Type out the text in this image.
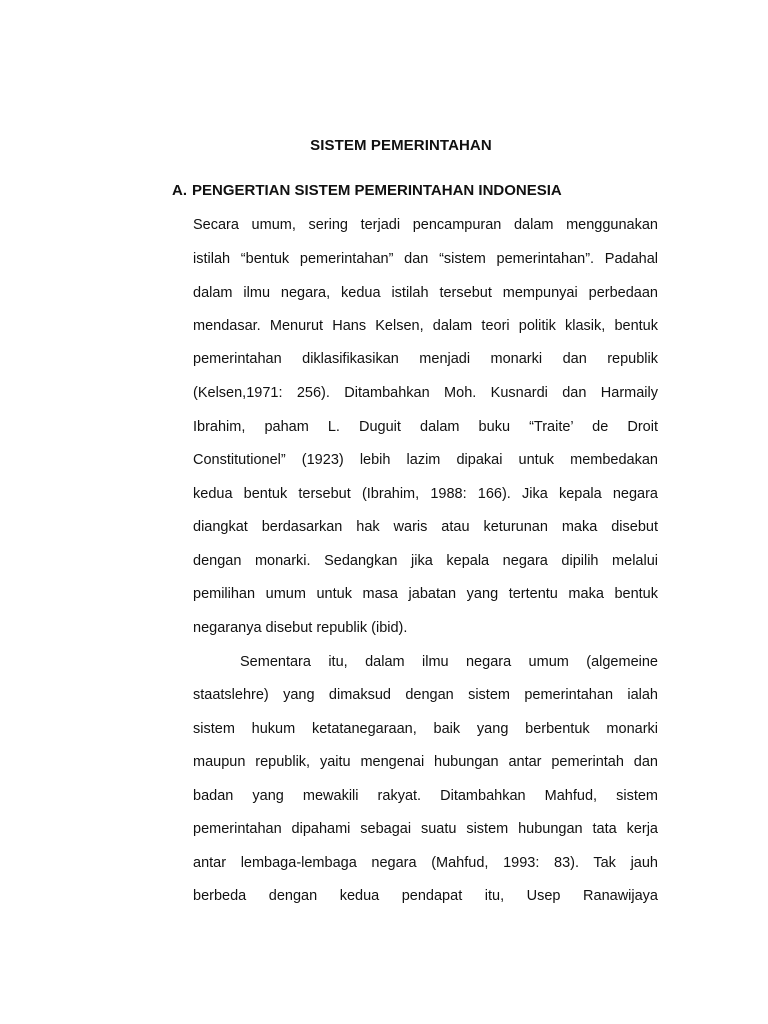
SISTEM PEMERINTAHAN
A. PENGERTIAN SISTEM PEMERINTAHAN INDONESIA
Secara umum, sering terjadi pencampuran dalam menggunakan
istilah “bentuk pemerintahan” dan “sistem pemerintahan”. Padahal
dalam ilmu negara, kedua istilah tersebut mempunyai perbedaan
mendasar. Menurut Hans Kelsen, dalam teori politik klasik, bentuk
pemerintahan diklasifikasikan menjadi monarki dan republik
(Kelsen,1971: 256). Ditambahkan Moh. Kusnardi dan Harmaily
Ibrahim, paham L. Duguit dalam buku “Traite’ de Droit
Constitutionel” (1923) lebih lazim dipakai untuk membedakan
kedua bentuk tersebut (Ibrahim, 1988: 166). Jika kepala negara
diangkat berdasarkan hak waris atau keturunan maka disebut
dengan monarki. Sedangkan jika kepala negara dipilih melalui
pemilihan umum untuk masa jabatan yang tertentu maka bentuk
negaranya disebut republik (ibid).
Sementara itu, dalam ilmu negara umum (algemeine
staatslehre) yang dimaksud dengan sistem pemerintahan ialah
sistem hukum ketatanegaraan, baik yang berbentuk monarki
maupun republik, yaitu mengenai hubungan antar pemerintah dan
badan yang mewakili rakyat. Ditambahkan Mahfud, sistem
pemerintahan dipahami sebagai suatu sistem hubungan tata kerja
antar lembaga-lembaga negara (Mahfud, 1993: 83). Tak jauh
berbeda dengan kedua pendapat itu, Usep Ranawijaya
